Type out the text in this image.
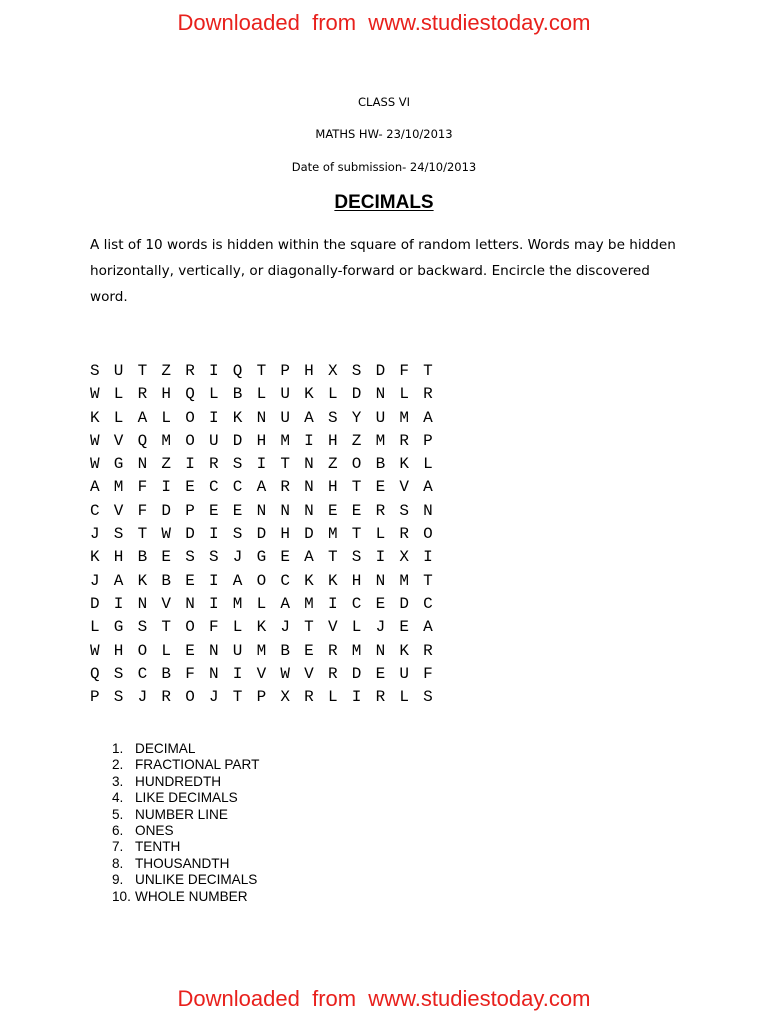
Downloaded  from  www.studiestoday.com
CLASS VI
MATHS HW- 23/10/2013
Date of submission- 24/10/2013
DECIMALS
A list of 10 words is hidden within the square of random letters. Words may be hidden horizontally, vertically, or diagonally-forward or backward. Encircle the discovered word.
S U T Z R I Q T P H X S D F T
W L R H Q L B L U K L D N L R
K L A L O I K N U A S Y U M A
W V Q M O U D H M I H Z M R P
W G N Z I R S I T N Z O B K L
A M F I E C C A R N H T E V A
C V F D P E E N N N E E R S N
J S T W D I S D H D M T L R O
K H B E S S J G E A T S I X I
J A K B E I A O C K K H N M T
D I N V N I M L A M I C E D C
L G S T O F L K J T V L J E A
W H O L E N U M B E R M N K R
Q S C B F N I V W V R D E U F
P S J R O J T P X R L I R L S
1. DECIMAL
2. FRACTIONAL PART
3. HUNDREDTH
4. LIKE DECIMALS
5. NUMBER LINE
6. ONES
7. TENTH
8. THOUSANDTH
9. UNLIKE DECIMALS
10. WHOLE NUMBER
Downloaded  from  www.studiestoday.com
